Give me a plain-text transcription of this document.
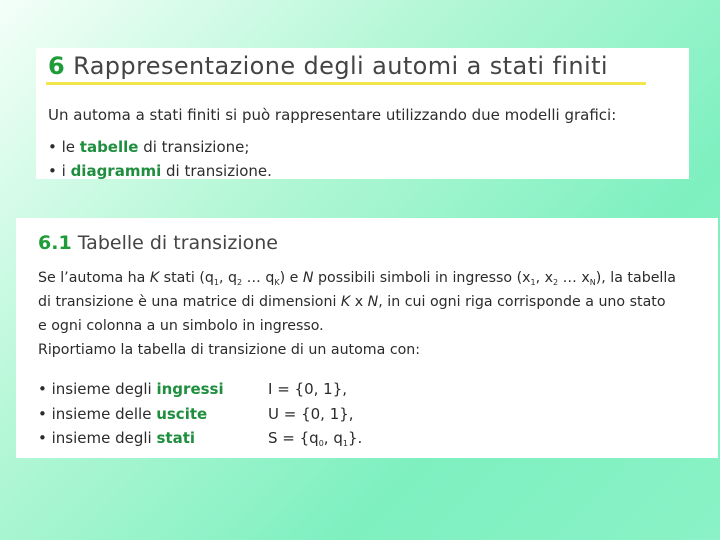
6 Rappresentazione degli automi a stati finiti
Un automa a stati finiti si può rappresentare utilizzando due modelli grafici:
• le tabelle di transizione;
• i diagrammi di transizione.
6.1 Tabelle di transizione
Se l’automa ha K stati ($q_1$, $q_2$ … $q_K$) e N possibili simboli in ingresso ($x_1$, $x_2$ … $x_N$), la tabella
di transizione è una matrice di dimensioni K x N, in cui ogni riga corrisponde a uno stato
e ogni colonna a un simbolo in ingresso.
Riportiamo la tabella di transizione di un automa con:
• insieme degli ingressi	I = {0, 1},
• insieme delle uscite	U = {0, 1},
• insieme degli stati	$S = \{q_0$, $q_1$}.
